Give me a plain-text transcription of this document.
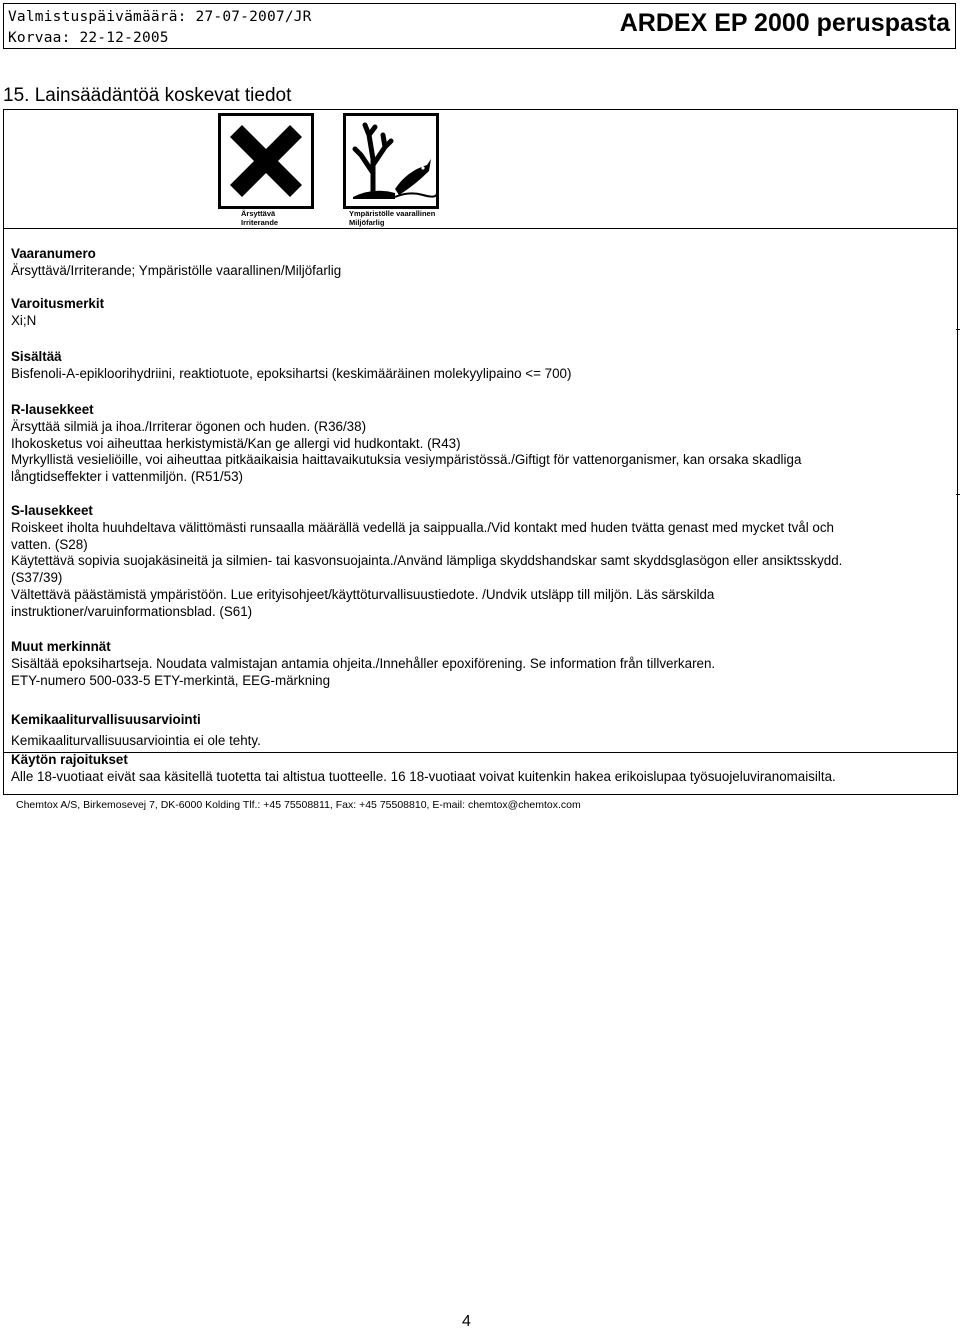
Valmistuspäivämäärä: 27-07-2007/JR
Korvaa: 22-12-2005
ARDEX EP 2000 peruspasta
15. Lainsäädäntöä koskevat tiedot
Ärsyttävä
Irriterande
Ympäristölle vaarallinen
Miljöfarlig
Vaaranumero
Ärsyttävä/Irriterande; Ympäristölle vaarallinen/Miljöfarlig
Varoitusmerkit
Xi;N
Sisältää
Bisfenoli-A-epikloorihydriini, reaktiotuote, epoksihartsi (keskimääräinen molekyylipaino <= 700)
R-lausekkeet
Ärsyttää silmiä ja ihoa./Irriterar ögonen och huden. (R36/38)
Ihokosketus voi aiheuttaa herkistymistä/Kan ge allergi vid hudkontakt. (R43)
Myrkyllistä vesieliöille, voi aiheuttaa pitkäaikaisia haittavaikutuksia vesiympäristössä./Giftigt för vattenorganismer, kan orsaka skadliga
långtidseffekter i vattenmiljön. (R51/53)
S-lausekkeet
Roiskeet iholta huuhdeltava välittömästi runsaalla määrällä vedellä ja saippualla./Vid kontakt med huden tvätta genast med mycket tvål och
vatten. (S28)
Käytettävä sopivia suojakäsineitä ja silmien- tai kasvonsuojainta./Använd lämpliga skyddshandskar samt skyddsglasögon eller ansiktsskydd.
(S37/39)
Vältettävä päästämistä ympäristöön. Lue erityisohjeet/käyttöturvallisuustiedote. /Undvik utsläpp till miljön. Läs särskilda
instruktioner/varuinformationsblad. (S61)
Muut merkinnät
Sisältää epoksihartseja. Noudata valmistajan antamia ohjeita./Innehåller epoxiförening. Se information från tillverkaren.
ETY-numero 500-033-5 ETY-merkintä, EEG-märkning
Kemikaaliturvallisuusarviointi
Kemikaaliturvallisuusarviointia ei ole tehty.
Käytön rajoitukset
Alle 18-vuotiaat eivät saa käsitellä tuotetta tai altistua tuotteelle. 16 18-vuotiaat voivat kuitenkin hakea erikoislupaa työsuojeluviranomaisilta.
Chemtox A/S, Birkemosevej 7, DK-6000 Kolding Tlf.: +45 75508811, Fax: +45 75508810, E-mail: chemtox@chemtox.com
4
